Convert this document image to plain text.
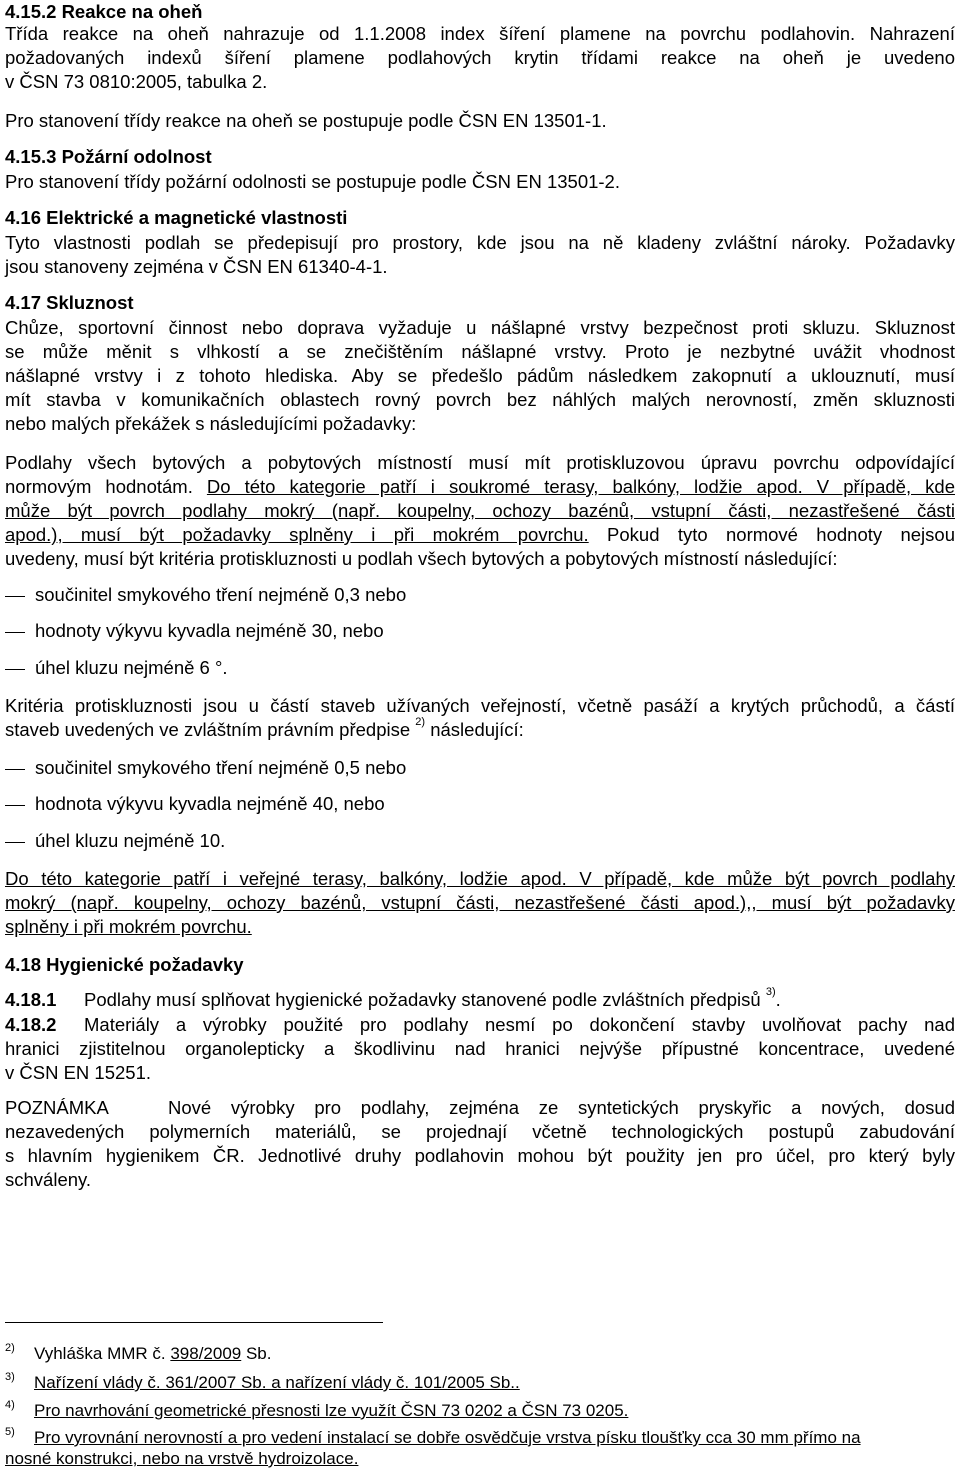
4.15.2 Reakce na oheň
Třída reakce na oheň nahrazuje od 1.1.2008 index šíření plamene na povrchu podlahovin. Nahrazení
požadovaných indexů šíření plamene podlahových krytin třídami reakce na oheň je uvedeno
v ČSN 73 0810:2005, tabulka 2.
Pro stanovení třídy reakce na oheň se postupuje podle ČSN EN 13501-1.
4.15.3 Požární odolnost
Pro stanovení třídy požární odolnosti se postupuje podle ČSN EN 13501-2.
4.16 Elektrické a magnetické vlastnosti
Tyto vlastnosti podlah se předepisují pro prostory, kde jsou na ně kladeny zvláštní nároky. Požadavky
jsou stanoveny zejména v ČSN EN 61340-4-1.
4.17 Skluznost
Chůze, sportovní činnost nebo doprava vyžaduje u nášlapné vrstvy bezpečnost proti skluzu. Skluznost
se může měnit s vlhkostí a se znečištěním nášlapné vrstvy. Proto je nezbytné uvážit vhodnost
nášlapné vrstvy i z tohoto hlediska. Aby se předešlo pádům následkem zakopnutí a uklouznutí, musí
mít stavba v komunikačních oblastech rovný povrch bez náhlých malých nerovností, změn skluznosti
nebo malých překážek s následujícími požadavky:
Podlahy všech bytových a pobytových místností musí mít protiskluzovou úpravu povrchu odpovídající
normovým hodnotám. Do této kategorie patří i soukromé terasy, balkóny, lodžie apod. V případě, kde
může být povrch podlahy mokrý (např. koupelny, ochozy bazénů, vstupní části, nezastřešené části
apod.), musí být požadavky splněny i při mokrém povrchu. Pokud tyto normové hodnoty nejsou
uvedeny, musí být kritéria protiskluznosti u podlah všech bytových a pobytových místností následující:
součinitel smykového tření nejméně 0,3 nebo
hodnoty výkyvu kyvadla nejméně 30, nebo
úhel kluzu nejméně 6 °.
Kritéria protiskluznosti jsou u částí staveb užívaných veřejností, včetně pasáží a krytých průchodů, a částí
staveb uvedených ve zvláštním právním předpise $^{2)}$ následující:
součinitel smykového tření nejméně 0,5 nebo
hodnota výkyvu kyvadla nejméně 40, nebo
úhel kluzu nejméně 10.
Do této kategorie patří i veřejné terasy, balkóny, lodžie apod. V případě, kde může být povrch podlahy
mokrý (např. koupelny, ochozy bazénů, vstupní části, nezastřešené části apod.),, musí být požadavky
splněny i při mokrém povrchu.
4.18 Hygienické požadavky
4.18.1 Podlahy musí splňovat hygienické požadavky stanovené podle zvláštních předpisů $^{3)}$.
4.18.2 Materiály a výrobky použité pro podlahy nesmí po dokončení stavby uvolňovat pachy nad
hranici zjistitelnou organolepticky a škodlivinu nad hranici nejvýše přípustné koncentrace, uvedené
v ČSN EN 15251.
POZNÁMKA	Nové výrobky pro podlahy, zejména ze syntetických pryskyřic a nových, dosud
nezavedených polymerních materiálů, se projednají včetně technologických postupů zabudování
s hlavním hygienikem ČR. Jednotlivé druhy podlahovin mohou být použity jen pro účel, pro který byly
schváleny.
2) Vyhláška MMR č. 398/2009 Sb.
3) Nařízení vlády č. 361/2007 Sb. a nařízení vlády č. 101/2005 Sb..
4) Pro navrhování geometrické přesnosti lze využít ČSN 73 0202 a ČSN 73 0205.
5) Pro vyrovnání nerovností a pro vedení instalací se dobře osvědčuje vrstva písku tloušťky cca 30 mm přímo na
nosné konstrukci, nebo na vrstvě hydroizolace.
